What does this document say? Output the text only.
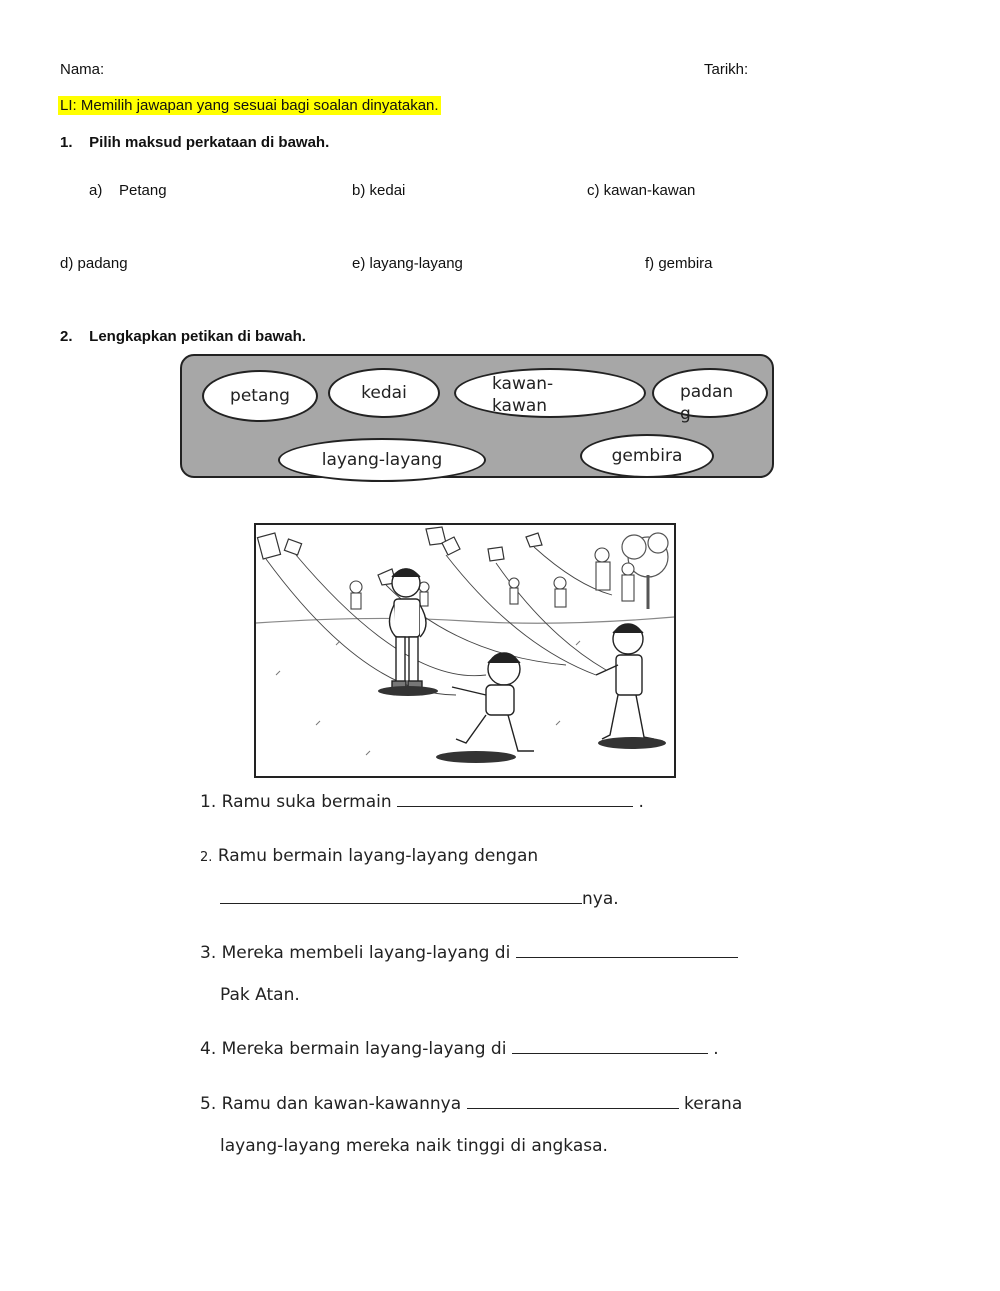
Nama:	Tarikh:
LI: Memilih jawapan yang sesuai bagi soalan dinyatakan.
1.    Pilih maksud perkataan di bawah.
a)    Petang	b) kedai	c) kawan-kawan
d) padang	e) layang-layang	f) gembira
2.    Lengkapkan petikan di bawah.
petang	kedai	kawan-
kawan
padan
g
layang-layang	gembira
1. Ramu suka bermain	.
2. Ramu bermain layang-layang dengan
nya.
3. Mereka membeli layang-layang di
Pak Atan.
4. Mereka bermain layang-layang di	.
5. Ramu dan kawan-kawannya	kerana
layang-layang mereka naik tinggi di angkasa.
